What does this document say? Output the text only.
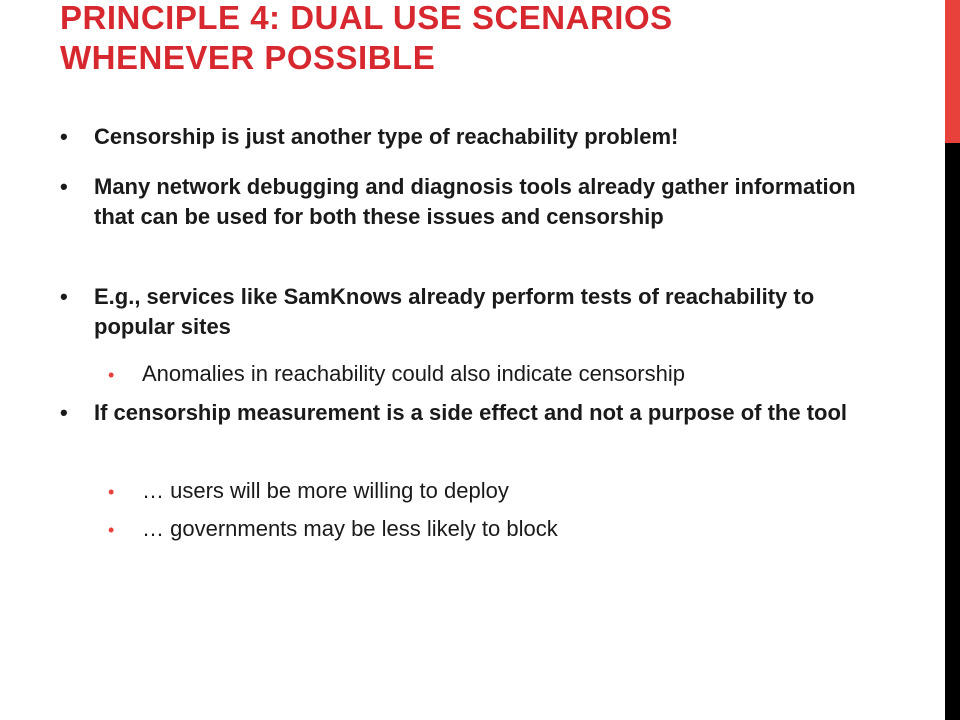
PRINCIPLE 4: DUAL USE SCENARIOS
WHENEVER POSSIBLE
• Censorship is just another type of reachability problem!
• Many network debugging and diagnosis tools already gather information that can be used for both these issues and censorship
• E.g., services like SamKnows already perform tests of reachability to popular sites
• Anomalies in reachability could also indicate censorship
• If censorship measurement is a side effect and not a purpose of the tool
• … users will be more willing to deploy
• … governments may be less likely to block
